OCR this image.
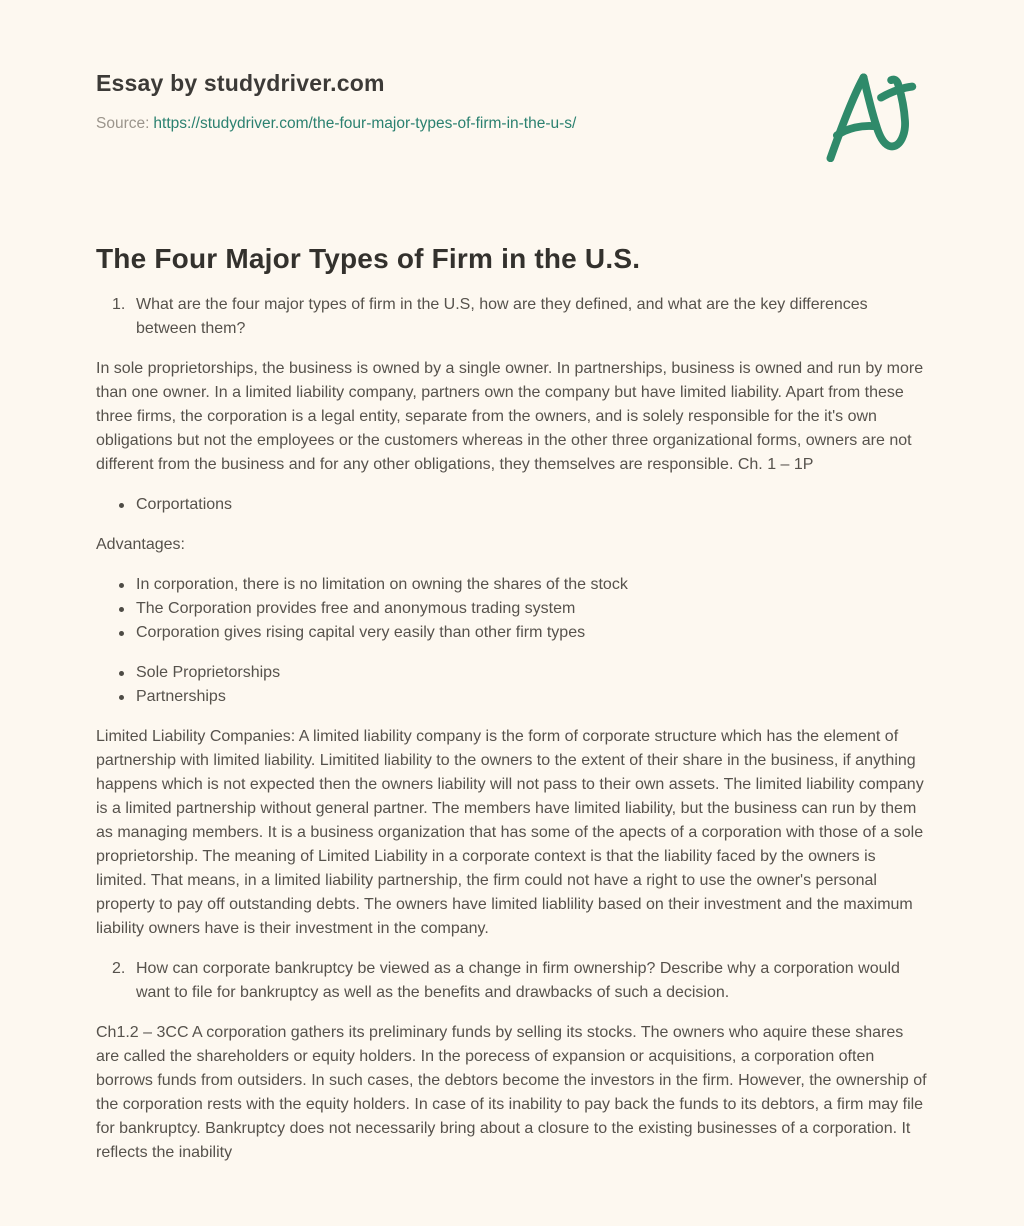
Essay by studydriver.com
Source: https://studydriver.com/the-four-major-types-of-firm-in-the-u-s/
The Four Major Types of Firm in the U.S.
1. What are the four major types of firm in the U.S, how are they defined, and what are the key differences between them?

In sole proprietorships, the business is owned by a single owner. In partnerships, business is owned and run by more than one owner. In a limited liability company, partners own the company but have limited liability. Apart from these three firms, the corporation is a legal entity, separate from the owners, and is solely responsible for the it's own obligations but not the employees or the customers whereas in the other three organizational forms, owners are not different from the business and for any other obligations, they themselves are responsible. Ch. 1 – 1P

Corportations

Advantages:

In corporation, there is no limitation on owning the shares of the stock
The Corporation provides free and anonymous trading system
Corporation gives rising capital very easily than other firm types
Sole Proprietorships
Partnerships

Limited Liability Companies: A limited liability company is the form of corporate structure which has the element of partnership with limited liability. Limitited liability to the owners to the extent of their share in the business, if anything happens which is not expected then the owners liability will not pass to their own assets. The limited liability company is a limited partnership without general partner. The members have limited liability, but the business can run by them as managing members. It is a business organization that has some of the apects of a corporation with those of a sole proprietorship. The meaning of Limited Liability in a corporate context is that the liability faced by the owners is limited. That means, in a limited liability partnership, the firm could not have a right to use the owner's personal property to pay off outstanding debts. The owners have limited liablility based on their investment and the maximum liability owners have is their investment in the company.

2. How can corporate bankruptcy be viewed as a change in firm ownership? Describe why a corporation would want to file for bankruptcy as well as the benefits and drawbacks of such a decision.

Ch1.2 – 3CC A corporation gathers its preliminary funds by selling its stocks. The owners who aquire these shares are called the shareholders or equity holders. In the porecess of expansion or acquisitions, a corporation often borrows funds from outsiders. In such cases, the debtors become the investors in the firm. However, the ownership of the corporation rests with the equity holders. In case of its inability to pay back the funds to its debtors, a firm may file for bankruptcy. Bankruptcy does not necessarily bring about a closure to the existing businesses of a corporation. It reflects the inability
